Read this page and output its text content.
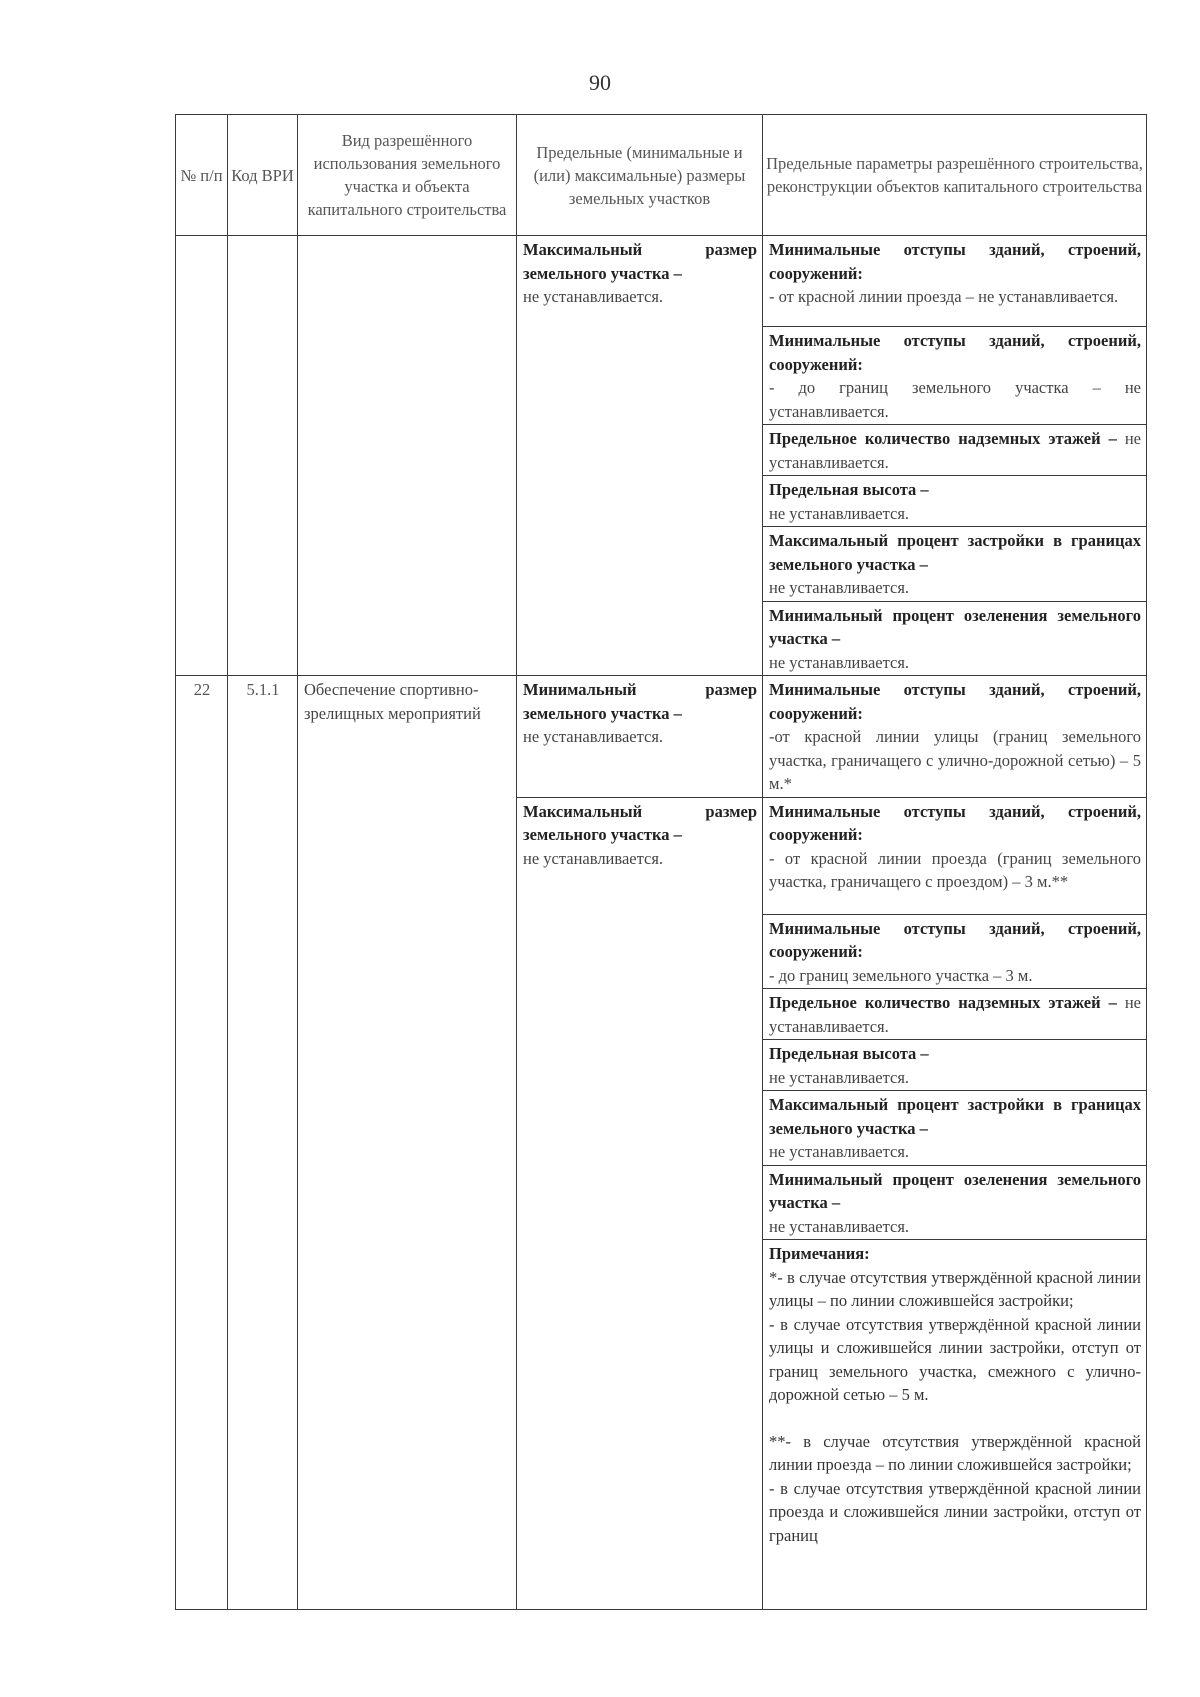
90
№ п/п	Код ВРИ	Вид разрешённого использования земельного участка и объекта капитального строительства	Предельные (минимальные и (или) максимальные) размеры земельных участков	Предельные параметры разрешённого строительства, реконструкции объектов капитального строительства

			Максимальный размер земельного участка –
не устанавливается.	Минимальные отступы зданий, строений, сооружений:
- от красной линии проезда – не устанавливается.

				Минимальные отступы зданий, строений, сооружений:
- до границ земельного участка – не устанавливается.

				Предельное количество надземных этажей – не устанавливается.

				Предельная высота –
не устанавливается.

				Максимальный процент застройки в границах земельного участка –
не устанавливается.

				Минимальный процент озеленения земельного участка –
не устанавливается.

22	5.1.1	Обеспечение спортивно-зрелищных мероприятий	Минимальный размер земельного участка –
не устанавливается.	Минимальные отступы зданий, строений, сооружений:
-от красной линии улицы (границ земельного участка, граничащего с улично-дорожной сетью) – 5 м.*

			Максимальный размер земельного участка –
не устанавливается.	Минимальные отступы зданий, строений, сооружений:
- от красной линии проезда (границ земельного участка, граничащего с проездом) – 3 м.**

				Минимальные отступы зданий, строений, сооружений:
- до границ земельного участка – 3 м.

				Предельное количество надземных этажей – не устанавливается.

				Предельная высота –
не устанавливается.

				Максимальный процент застройки в границах земельного участка –
не устанавливается.

				Минимальный процент озеленения земельного участка –
не устанавливается.

				Примечания:
*- в случае отсутствия утверждённой красной линии улицы – по линии сложившейся застройки;
- в случае отсутствия утверждённой красной линии улицы и сложившейся линии застройки, отступ от границ земельного участка, смежного с улично-дорожной сетью – 5 м.
**- в случае отсутствия утверждённой красной линии проезда – по линии сложившейся застройки;
- в случае отсутствия утверждённой красной линии проезда и сложившейся линии застройки, отступ от границ
